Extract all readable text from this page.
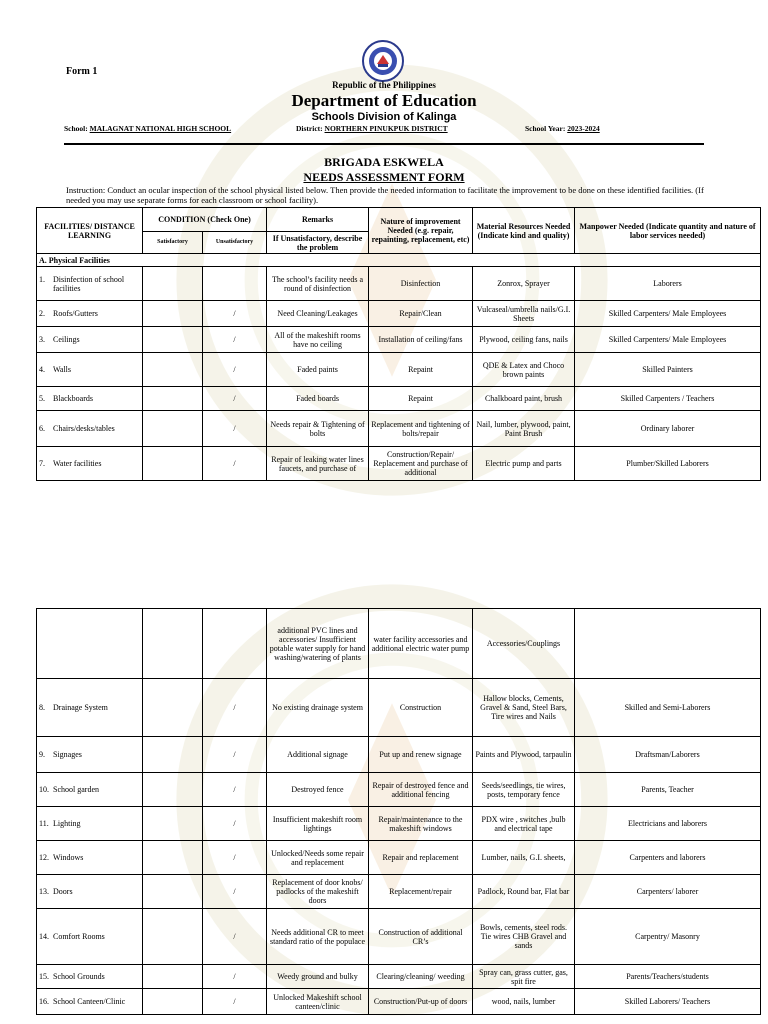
Form 1
Republic of the Philippines
Department of Education
Schools Division of Kalinga
School: MALAGNAT NATIONAL HIGH SCHOOL	District: NORTHERN PINUKPUK DISTRICT	School Year: 2023-2024
BRIGADA ESKWELA
NEEDS ASSESSMENT FORM
Instruction: Conduct an ocular inspection of the school physical listed below. Then provide the needed information to facilitate the improvement to be done on these identified facilities. (If needed you may use separate forms for each classroom or school facility).
FACILITIES/ DISTANCE LEARNING	CONDITION (Check One)		Remarks	Nature of improvement Needed (e.g. repair, repainting, replacement, etc)	Material Resources Needed (Indicate kind and quality)	Manpower Needed (Indicate quantity and nature of labor services needed)
	Satisfactory	Unsatisfactory	If Unsatisfactory, describe the problem			
A. Physical Facilities						

1. Disinfection of school facilities			The school’s facility needs a round of disinfection	Disinfection	Zonrox, Sprayer	Laborers

2. Roofs/Gutters		/	Need Cleaning/Leakages	Repair/Clean	Vulcaseal/umbrella nails/G.I. Sheets	Skilled Carpenters/ Male Employees

3. Ceilings		/	All of the makeshift rooms have no ceiling	Installation of ceiling/fans	Plywood, ceiling fans, nails	Skilled Carpenters/ Male Employees

4. Walls		/	Faded paints	Repaint	QDE & Latex and Choco brown paints	Skilled Painters

5. Blackboards		/	Faded boards	Repaint	Chalkboard paint, brush	Skilled Carpenters / Teachers

6. Chairs/desks/tables		/	Needs repair & Tightening of bolts	Replacement and tightening of bolts/repair	Nail, lumber, plywood, paint, Paint Brush	Ordinary laborer

7. Water facilities		/	Repair of leaking water lines faucets, and purchase of	Construction/Repair/ Replacement and purchase of additional	Electric pump and parts	Plumber/Skilled Laborers
			additional PVC lines and accessories/ Insufficient potable water supply for hand washing/watering of plants	water facility accessories and additional electric water pump	Accessories/Couplings	

8. Drainage System		/	No existing drainage system	Construction	Hallow blocks, Cements, Gravel & Sand, Steel Bars, Tire wires and Nails	Skilled and Semi-Laborers

9. Signages		/	Additional signage	Put up and renew signage	Paints and Plywood, tarpaulin	Draftsman/Laborers

10. School garden		/	Destroyed fence	Repair of destroyed fence and additional fencing	Seeds/seedlings, tie wires, posts, temporary fence	Parents, Teacher

11. Lighting		/	Insufficient makeshift room lightings	Repair/maintenance to the makeshift windows	PDX wire , switches ,bulb and electrical tape	Electricians and laborers

12. Windows		/	Unlocked/Needs some repair and replacement	Repair and replacement	Lumber, nails, G.I. sheets,	Carpenters and laborers

13. Doors		/	Replacement of door knobs/ padlocks of the makeshift doors	Replacement/repair	Padlock, Round bar, Flat bar	Carpenters/ laborer

14. Comfort Rooms		/	Needs additional CR to meet standard ratio of the populace	Construction of additional CR’s	Bowls, cements, steel rods. Tie wires CHB Gravel and sands	Carpentry/ Masonry

15. School Grounds		/	Weedy ground and bulky	Clearing/cleaning/ weeding	Spray can, grass cutter, gas, spit fire	Parents/Teachers/students

16. School Canteen/Clinic		/	Unlocked Makeshift school canteen/clinic	Construction/Put-up of doors	wood, nails, lumber	Skilled Laborers/ Teachers
